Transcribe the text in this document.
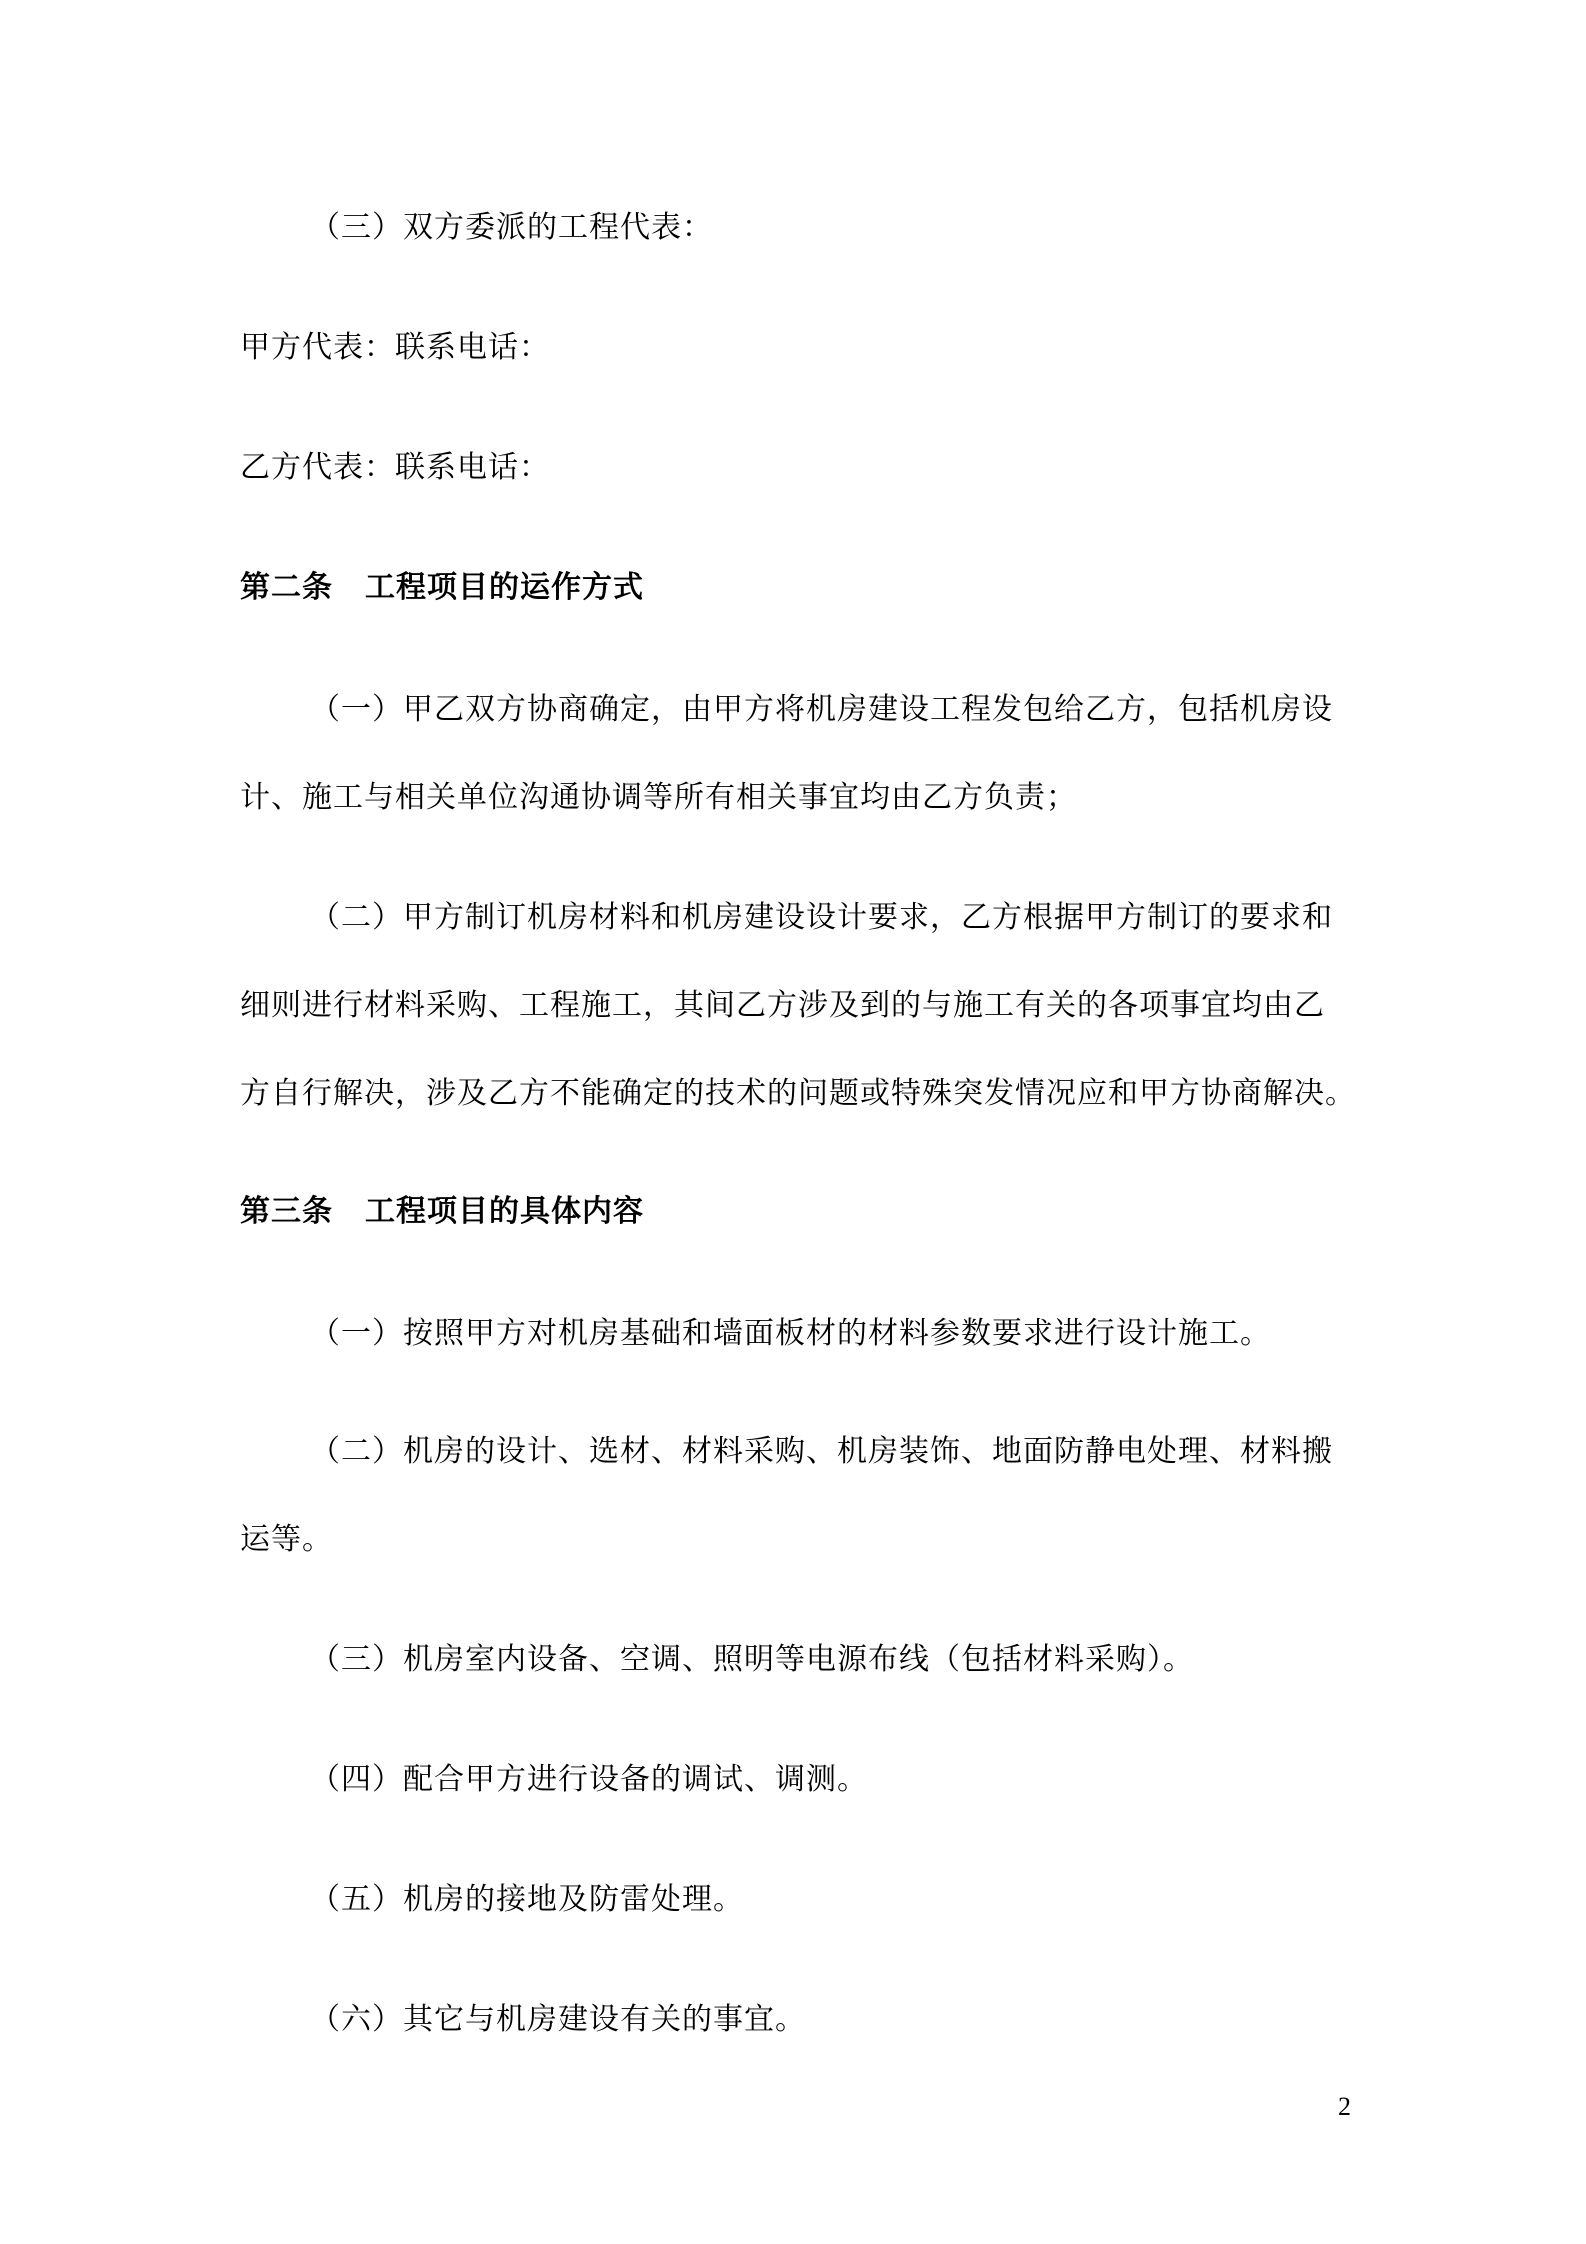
（三）双方委派的工程代表：
甲方代表：联系电话：
乙方代表：联系电话：
第二条 工程项目的运作方式
（一）甲乙双方协商确定，由甲方将机房建设工程发包给乙方，包括机房设
计、施工与相关单位沟通协调等所有相关事宜均由乙方负责；
（二）甲方制订机房材料和机房建设设计要求，乙方根据甲方制订的要求和
细则进行材料采购、工程施工，其间乙方涉及到的与施工有关的各项事宜均由乙
方自行解决，涉及乙方不能确定的技术的问题或特殊突发情况应和甲方协商解决。
第三条 工程项目的具体内容
（一）按照甲方对机房基础和墙面板材的材料参数要求进行设计施工。
（二）机房的设计、选材、材料采购、机房装饰、地面防静电处理、材料搬
运等。
（三）机房室内设备、空调、照明等电源布线（包括材料采购）。
（四）配合甲方进行设备的调试、调测。
（五）机房的接地及防雷处理。
（六）其它与机房建设有关的事宜。
2
